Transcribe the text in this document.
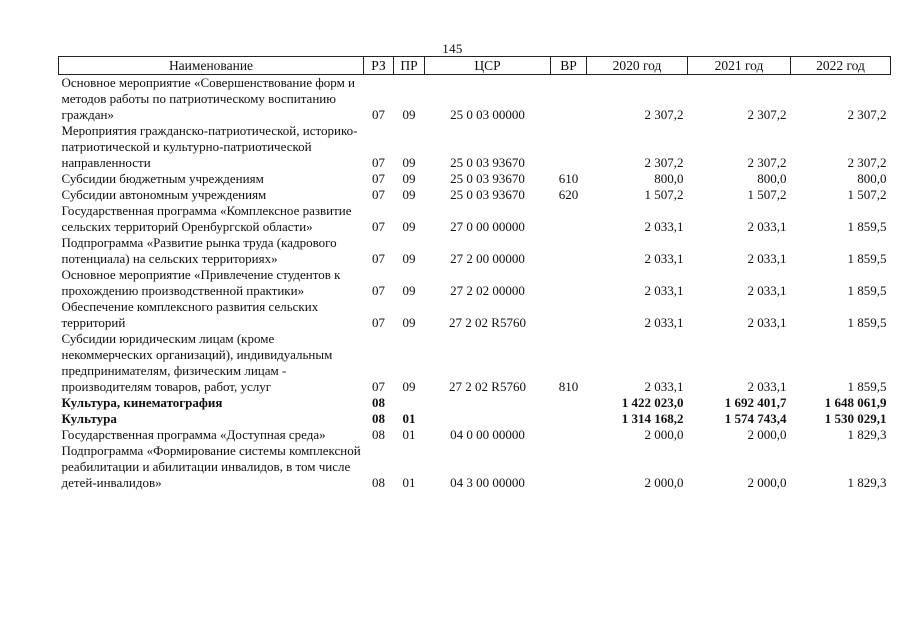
145
Наименование	РЗ	ПР	ЦСР	ВР	2020 год	2021 год	2022 год
Основное мероприятие «Совершенствование форм и методов работы по патриотическому воспитанию граждан»	07	09	25 0 03 00000		2 307,2	2 307,2	2 307,2
Мероприятия гражданско-патриотической, историко-патриотической и культурно-патриотической направленности	07	09	25 0 03 93670		2 307,2	2 307,2	2 307,2
Субсидии бюджетным учреждениям	07	09	25 0 03 93670	610	800,0	800,0	800,0
Субсидии автономным учреждениям	07	09	25 0 03 93670	620	1 507,2	1 507,2	1 507,2
Государственная программа «Комплексное развитие сельских территорий Оренбургской области»	07	09	27 0 00 00000		2 033,1	2 033,1	1 859,5
Подпрограмма «Развитие рынка труда (кадрового потенциала) на сельских территориях»	07	09	27 2 00 00000		2 033,1	2 033,1	1 859,5
Основное мероприятие «Привлечение студентов к прохождению производственной практики»	07	09	27 2 02 00000		2 033,1	2 033,1	1 859,5
Обеспечение комплексного развития сельских территорий	07	09	27 2 02 R5760		2 033,1	2 033,1	1 859,5
Субсидии юридическим лицам (кроме некоммерческих организаций), индивидуальным предпринимателям, физическим лицам - производителям товаров, работ, услуг	07	09	27 2 02 R5760	810	2 033,1	2 033,1	1 859,5
Культура, кинематография	08				1 422 023,0	1 692 401,7	1 648 061,9
Культура	08	01			1 314 168,2	1 574 743,4	1 530 029,1
Государственная программа «Доступная среда»	08	01	04 0 00 00000		2 000,0	2 000,0	1 829,3
Подпрограмма «Формирование системы комплексной реабилитации и абилитации инвалидов, в том числе детей-инвалидов»	08	01	04 3 00 00000		2 000,0	2 000,0	1 829,3
